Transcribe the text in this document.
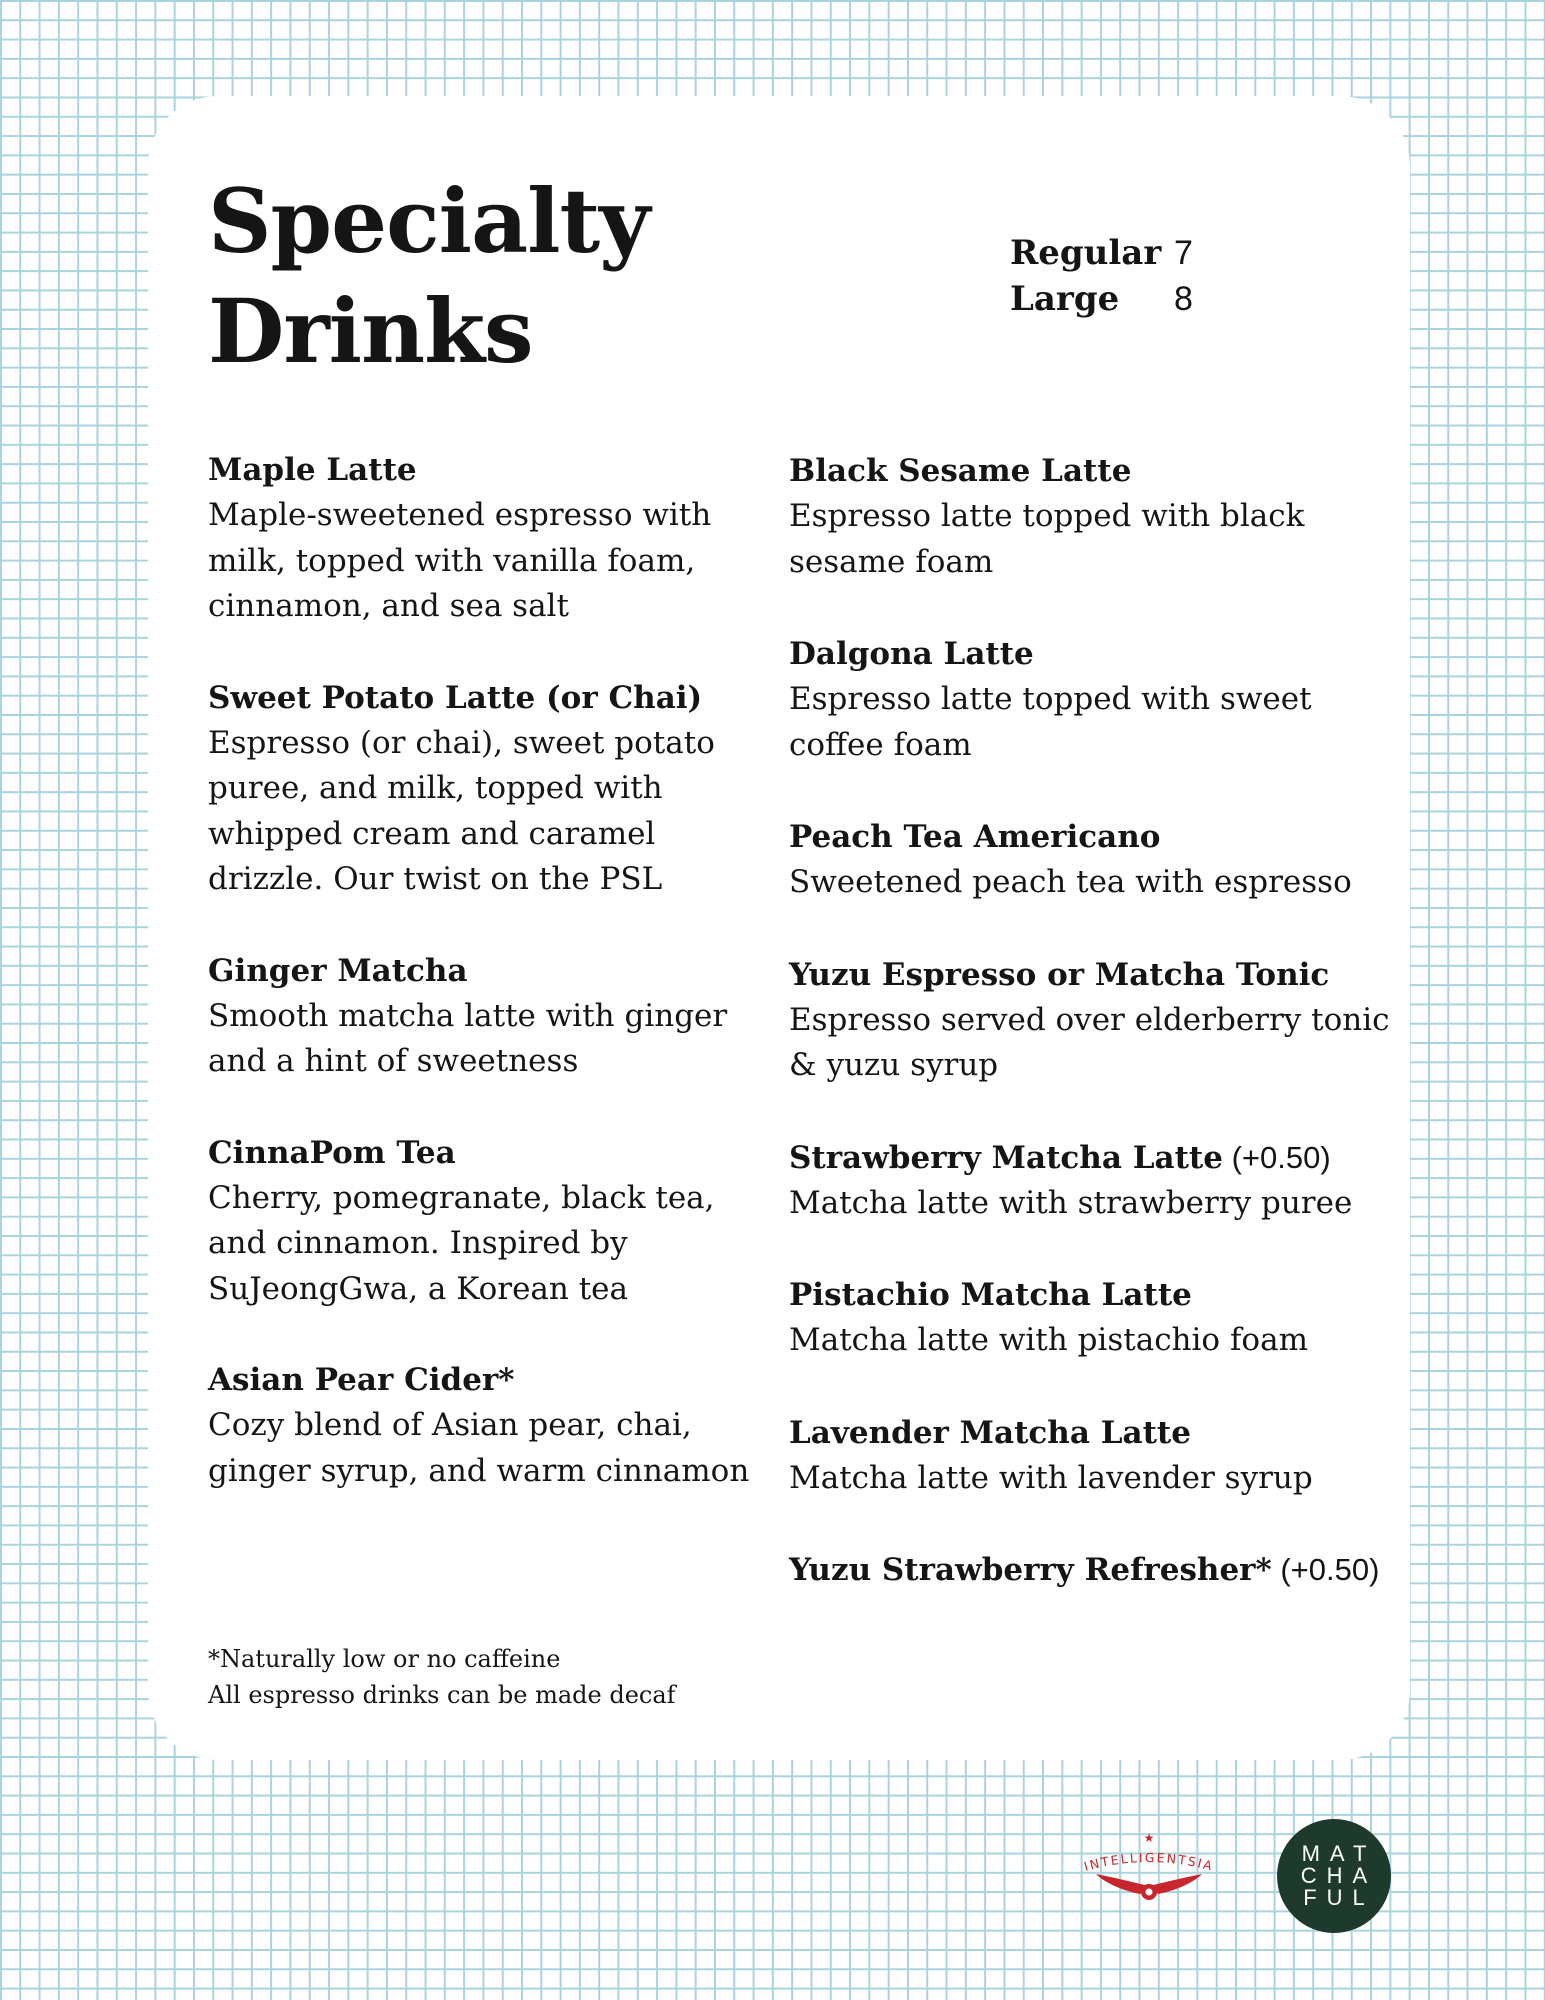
Specialty
Drinks
Regular 7
Large	8
Maple Latte
Maple-sweetened espresso with milk, topped with vanilla foam, cinnamon, and sea salt
Sweet Potato Latte (or Chai)
Espresso (or chai), sweet potato puree, and milk, topped with whipped cream and caramel drizzle. Our twist on the PSL
Ginger Matcha
Smooth matcha latte with ginger and a hint of sweetness
CinnaPom Tea
Cherry, pomegranate, black tea, and cinnamon. Inspired by SuJeongGwa, a Korean tea
Asian Pear Cider*
Cozy blend of Asian pear, chai, ginger syrup, and warm cinnamon
Black Sesame Latte
Espresso latte topped with black sesame foam
Dalgona Latte
Espresso latte topped with sweet coffee foam
Peach Tea Americano
Sweetened peach tea with espresso
Yuzu Espresso or Matcha Tonic
Espresso served over elderberry tonic & yuzu syrup
Strawberry Matcha Latte (+0.50)
Matcha latte with strawberry puree
Pistachio Matcha Latte
Matcha latte with pistachio foam
Lavender Matcha Latte
Matcha latte with lavender syrup
Yuzu Strawberry Refresher* (+0.50)
*Naturally low or no caffeine
All espresso drinks can be made decaf
★
INTELLIGENTSIA	MAT
CHA
FUL
